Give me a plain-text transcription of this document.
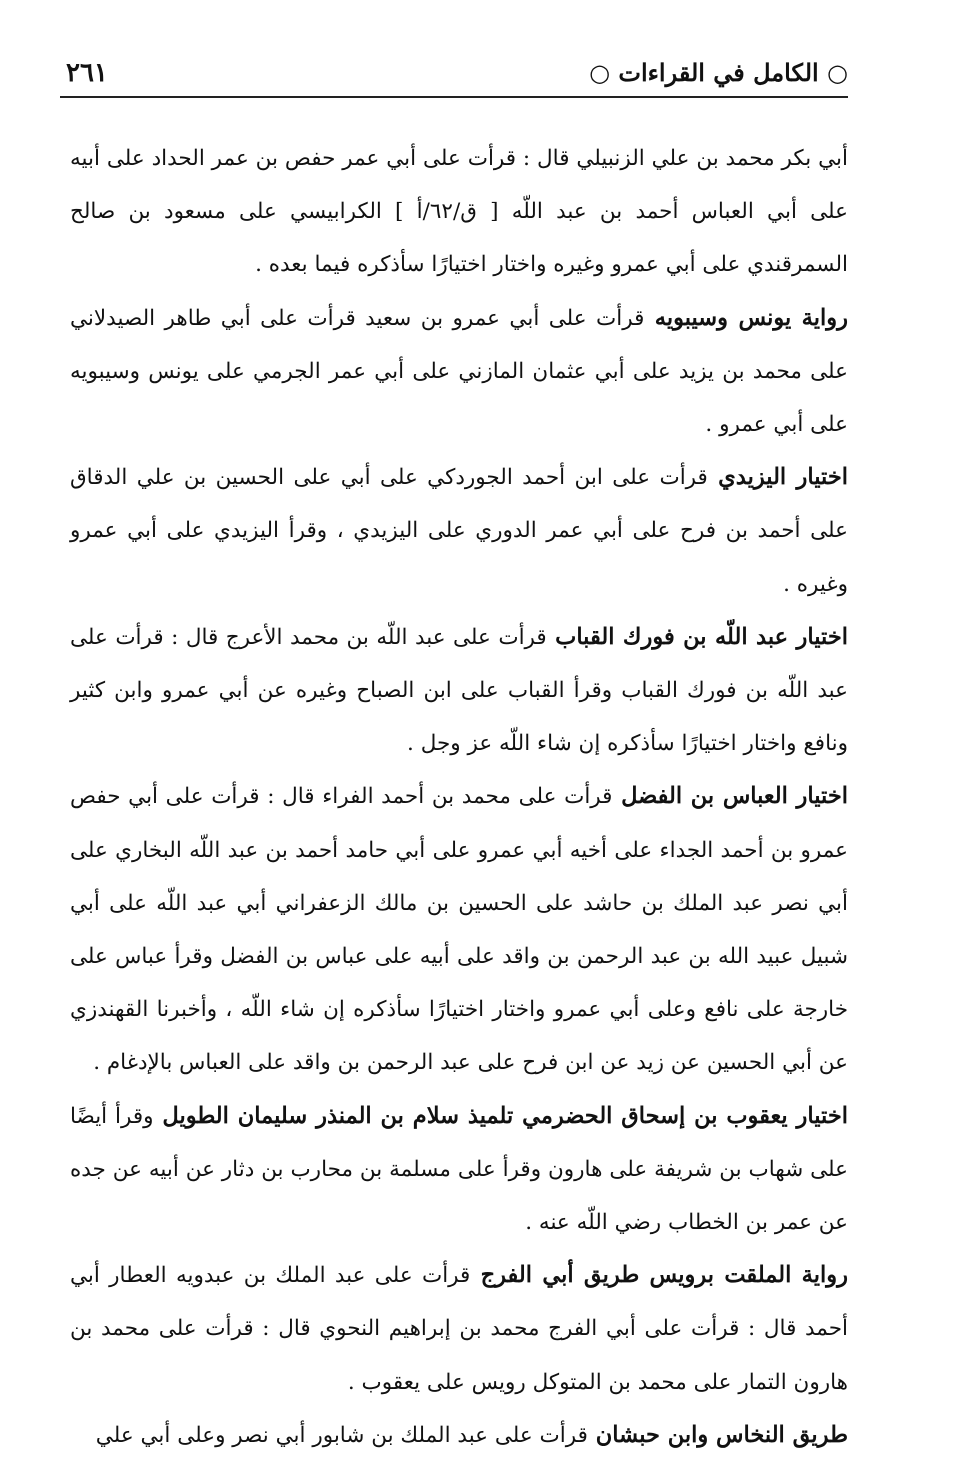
○ الكامل في القراءات ○
٢٦١

أبي بكر محمد بن علي الزنبيلي قال : قرأت على أبي عمر حفص بن عمر الحداد على أبيه على أبي العباس أحمد بن عبد اللّه [ ق/٦٢/أ ] الكرابيسي على مسعود بن صالح السمرقندي على أبي عمرو وغيره واختار اختيارًا سأذكره فيما بعده .

رواية يونس وسيبويه قرأت على أبي عمرو بن سعيد قرأت على أبي طاهر الصيدلاني على محمد بن يزيد على أبي عثمان المازني على أبي عمر الجرمي على يونس وسيبويه على أبي عمرو .

اختيار اليزيدي قرأت على ابن أحمد الجوردكي على أبي على الحسين بن علي الدقاق على أحمد بن فرح على أبي عمر الدوري على اليزيدي ، وقرأ اليزيدي على أبي عمرو وغيره .

اختيار عبد اللّه بن فورك القباب قرأت على عبد اللّه بن محمد الأعرج قال : قرأت على عبد اللّه بن فورك القباب وقرأ القباب على ابن الصباح وغيره عن أبي عمرو وابن كثير ونافع واختار اختيارًا سأذكره إن شاء اللّه عز وجل .

اختيار العباس بن الفضل قرأت على محمد بن أحمد الفراء قال : قرأت على أبي حفص عمرو بن أحمد الجداء على أخيه أبي عمرو على أبي حامد أحمد بن عبد اللّه البخاري على أبي نصر عبد الملك بن حاشد على الحسين بن مالك الزعفراني أبي عبد اللّه على أبي شبيل عبيد الله بن عبد الرحمن بن واقد على أبيه على عباس بن الفضل وقرأ عباس على خارجة على نافع وعلى أبي عمرو واختار اختيارًا سأذكره إن شاء اللّه ، وأخبرنا القهندزي عن أبي الحسين عن زيد عن ابن فرح على عبد الرحمن بن واقد على العباس بالإدغام .

اختيار يعقوب بن إسحاق الحضرمي تلميذ سلام بن المنذر سليمان الطويل وقرأ أيضًا على شهاب بن شريفة على هارون وقرأ على مسلمة بن محارب بن دثار عن أبيه عن جده عن عمر بن الخطاب رضي اللّه عنه .

رواية الملقت برويس طريق أبي الفرج قرأت على عبد الملك بن عبدويه العطار أبي أحمد قال : قرأت على أبي الفرج محمد بن إبراهيم النحوي قال : قرأت على محمد بن هارون التمار على محمد بن المتوكل رويس على يعقوب .

طريق النخاس وابن حبشان قرأت على عبد الملك بن شابور أبي نصر وعلى أبي علي
